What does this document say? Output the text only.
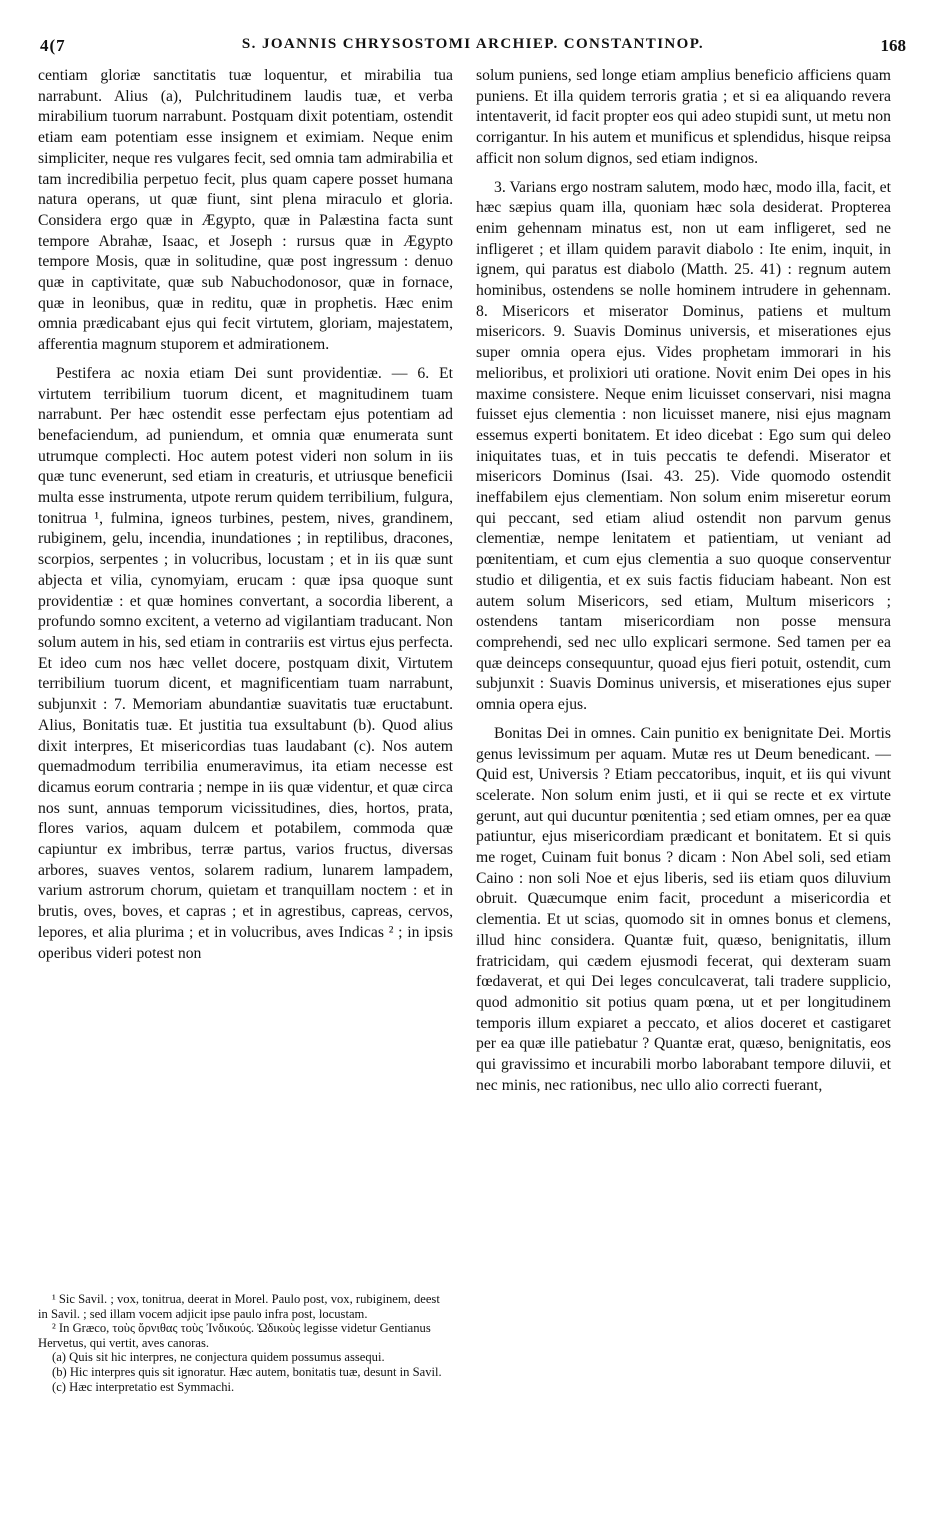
4(7	S. JOANNIS CHRYSOSTOMI ARCHIEP. CONSTANTINOP.	168

centiam gloriæ sanctitatis tuæ loquentur, et mirabilia tua narrabunt. Alius (a), Pulchritudinem laudis tuæ, et verba mirabilium tuorum narrabunt. Postquam dixit potentiam, ostendit etiam eam potentiam esse insignem et eximiam. Neque enim simpliciter, neque res vulgares fecit, sed omnia tam admirabilia et tam incredibilia perpetuo fecit, plus quam capere posset humana natura operans, ut quæ fiunt, sint plena miraculo et gloria. Considera ergo quæ in Ægypto, quæ in Palæstina facta sunt tempore Abrahæ, Isaac, et Joseph : rursus quæ in Ægypto tempore Mosis, quæ in solitudine, quæ post ingressum : denuo quæ in captivitate, quæ sub Nabuchodonosor, quæ in fornace, quæ in leonibus, quæ in reditu, quæ in prophetis. Hæc enim omnia prædicabant ejus qui fecit virtutem, gloriam, majestatem, afferentia magnum stuporem et admirationem.

Pestifera ac noxia etiam Dei sunt providentiæ. — 6. Et virtutem terribilium tuorum dicent, et magnitudinem tuam narrabunt. Per hæc ostendit esse perfectam ejus potentiam ad benefaciendum, ad puniendum, et omnia quæ enumerata sunt utrumque complecti. Hoc autem potest videri non solum in iis quæ tunc evenerunt, sed etiam in creaturis, et utriusque beneficii multa esse instrumenta, utpote rerum quidem terribilium, fulgura, tonitrua ¹, fulmina, igneos turbines, pestem, nives, grandinem, rubiginem, gelu, incendia, inundationes ; in reptilibus, dracones, scorpios, serpentes ; in volucribus, locustam ; et in iis quæ sunt abjecta et vilia, cynomyiam, erucam : quæ ipsa quoque sunt providentiæ : et quæ homines convertant, a socordia liberent, a profundo somno excitent, a veterno ad vigilantiam traducant. Non solum autem in his, sed etiam in contrariis est virtus ejus perfecta. Et ideo cum nos hæc vellet docere, postquam dixit, Virtutem terribilium tuorum dicent, et magnificentiam tuam narrabunt, subjunxit : 7. Memoriam abundantiæ suavitatis tuæ eructabunt. Alius, Bonitatis tuæ. Et justitia tua exsultabunt (b). Quod alius dixit interpres, Et misericordias tuas laudabant (c). Nos autem quemadmodum terribilia enumeravimus, ita etiam necesse est dicamus eorum contraria ; nempe in iis quæ videntur, et quæ circa nos sunt, annuas temporum vicissitudines, dies, hortos, prata, flores varios, aquam dulcem et potabilem, commoda quæ capiuntur ex imbribus, terræ partus, varios fructus, diversas arbores, suaves ventos, solarem radium, lunarem lampadem, varium astrorum chorum, quietam et tranquillam noctem : et in brutis, oves, boves, et capras ; et in agrestibus, capreas, cervos, lepores, et alia plurima ; et in volucribus, aves Indicas ² ; in ipsis operibus videri potest non

solum puniens, sed longe etiam amplius beneficio afficiens quam puniens. Et illa quidem terroris gratia ; et si ea aliquando revera intentaverit, id facit propter eos qui adeo stupidi sunt, ut metu non corrigantur. In his autem et munificus et splendidus, hisque reipsa afficit non solum dignos, sed etiam indignos.

3. Varians ergo nostram salutem, modo hæc, modo illa, facit, et hæc sæpius quam illa, quoniam hæc sola desiderat. Propterea enim gehennam minatus est, non ut eam infligeret, sed ne infligeret ; et illam quidem paravit diabolo : Ite enim, inquit, in ignem, qui paratus est diabolo (Matth. 25. 41) : regnum autem hominibus, ostendens se nolle hominem intrudere in gehennam. 8. Misericors et miserator Dominus, patiens et multum misericors. 9. Suavis Dominus universis, et miserationes ejus super omnia opera ejus. Vides prophetam immorari in his melioribus, et prolixiori uti oratione. Novit enim Dei opes in his maxime consistere. Neque enim licuisset conservari, nisi magna fuisset ejus clementia : non licuisset manere, nisi ejus magnam essemus experti bonitatem. Et ideo dicebat : Ego sum qui deleo iniquitates tuas, et in tuis peccatis te defendi. Miserator et misericors Dominus (Isai. 43. 25). Vide quomodo ostendit ineffabilem ejus clementiam. Non solum enim miseretur eorum qui peccant, sed etiam aliud ostendit non parvum genus clementiæ, nempe lenitatem et patientiam, ut veniant ad pœnitentiam, et cum ejus clementia a suo quoque conserventur studio et diligentia, et ex suis factis fiduciam habeant. Non est autem solum Misericors, sed etiam, Multum misericors ; ostendens tantam misericordiam non posse mensura comprehendi, sed nec ullo explicari sermone. Sed tamen per ea quæ deinceps consequuntur, quoad ejus fieri potuit, ostendit, cum subjunxit : Suavis Dominus universis, et miserationes ejus super omnia opera ejus.

Bonitas Dei in omnes. Cain punitio ex benignitate Dei. Mortis genus levissimum per aquam. Mutæ res ut Deum benedicant. — Quid est, Universis ? Etiam peccatoribus, inquit, et iis qui vivunt scelerate. Non solum enim justi, et ii qui se recte et ex virtute gerunt, aut qui ducuntur pœnitentia ; sed etiam omnes, per ea quæ patiuntur, ejus misericordiam prædicant et bonitatem. Et si quis me roget, Cuinam fuit bonus ? dicam : Non Abel soli, sed etiam Caino : non soli Noe et ejus liberis, sed iis etiam quos diluvium obruit. Quæcumque enim facit, procedunt a misericordia et clementia. Et ut scias, quomodo sit in omnes bonus et clemens, illud hinc considera. Quantæ fuit, quæso, benignitatis, illum fratricidam, qui cædem ejusmodi fecerat, qui dexteram suam fœdaverat, et qui Dei leges conculcaverat, tali tradere supplicio, quod admonitio sit potius quam pœna, ut et per longitudinem temporis illum expiaret a peccato, et alios doceret et castigaret per ea quæ ille patiebatur ? Quantæ erat, quæso, benignitatis, eos qui gravissimo et incurabili morbo laborabant tempore diluvii, et nec minis, nec rationibus, nec ullo alio correcti fuerant,

¹ Sic Savil. ; vox, tonitrua, deerat in Morel. Paulo post, vox, rubiginem, deest in Savil. ; sed illam vocem adjicit ipse paulo infra post, locustam.

² In Græco, τοὺς ὄρνιθας τοὺς Ἰνδικούς. Ὠδικοὺς legisse videtur Gentianus Hervetus, qui vertit, aves canoras.

(a) Quis sit hic interpres, ne conjectura quidem possumus assequi.

(b) Hic interpres quis sit ignoratur. Hæc autem, bonitatis tuæ, desunt in Savil.

(c) Hæc interpretatio est Symmachi.
